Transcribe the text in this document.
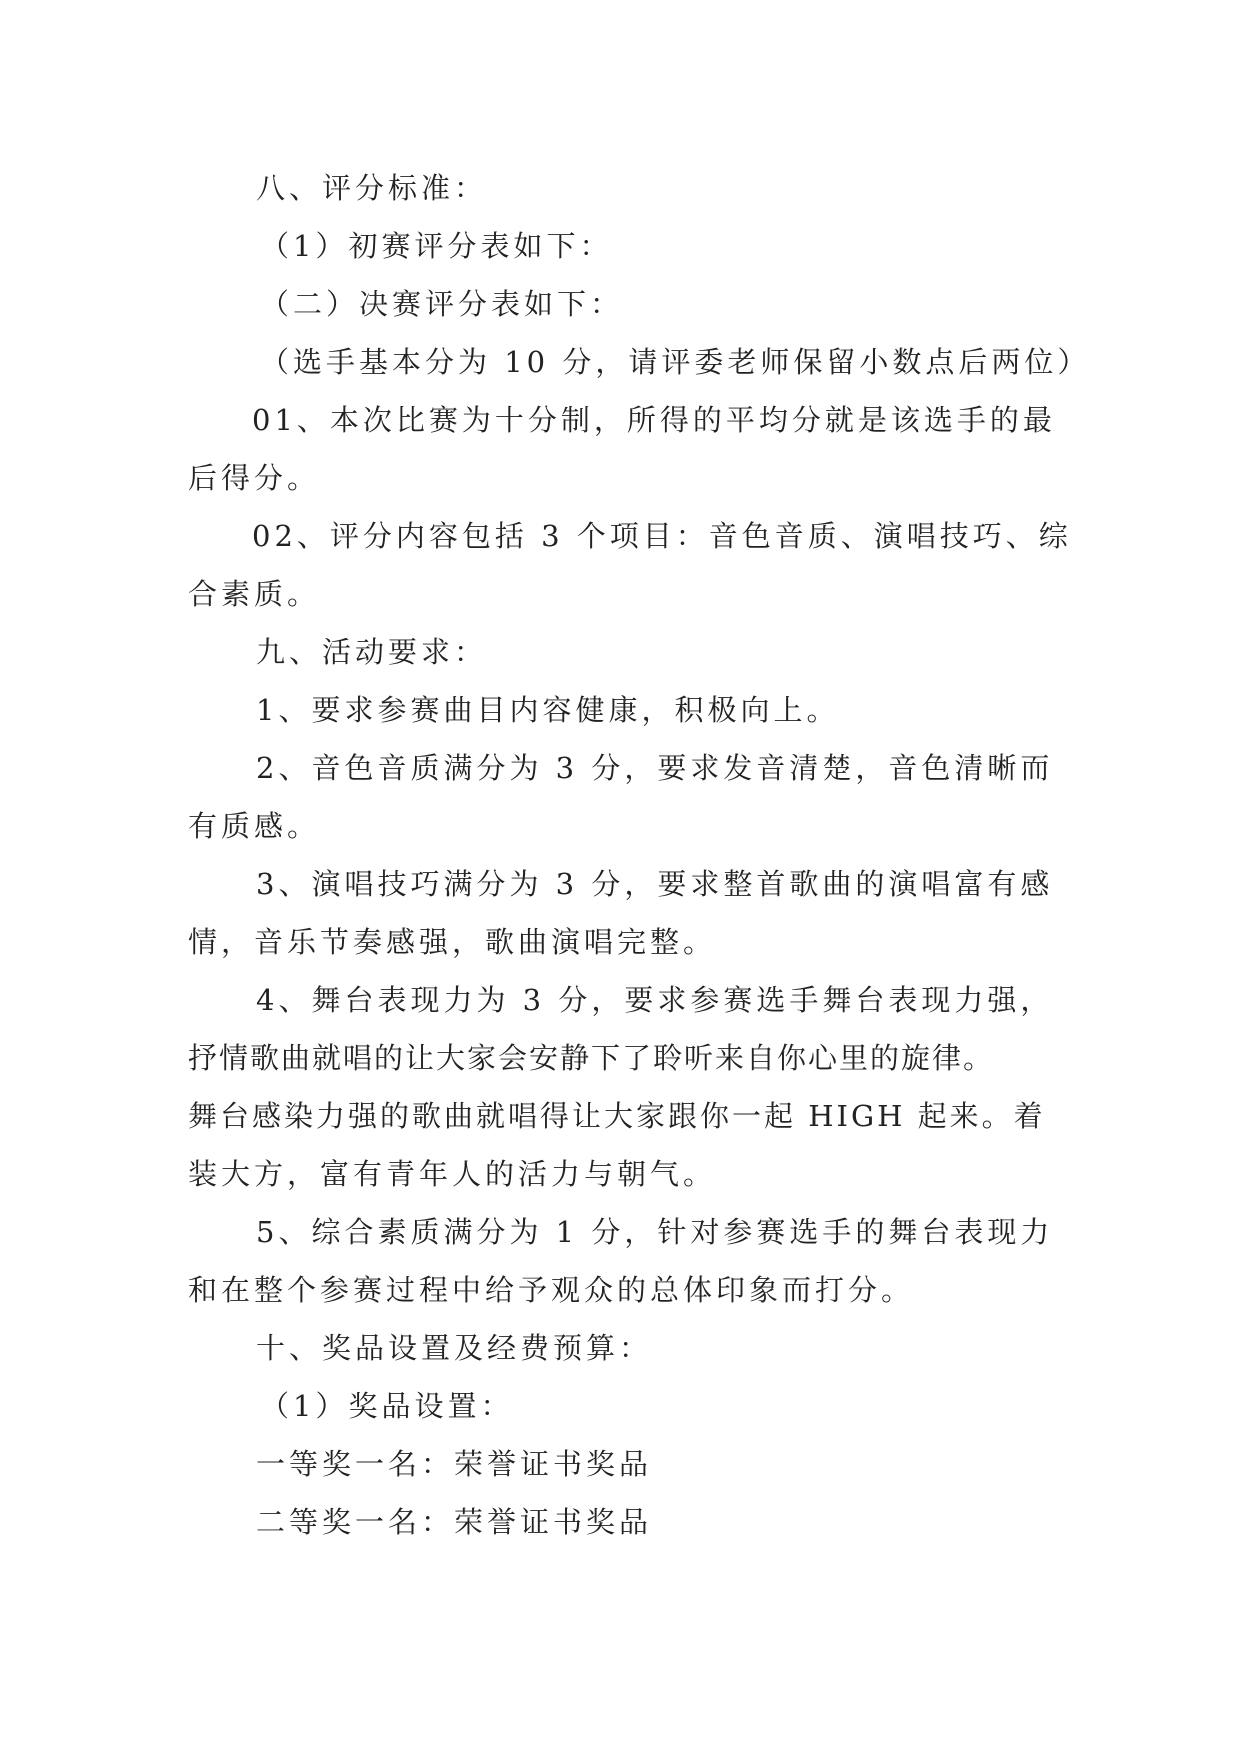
八、评分标准：
（1）初赛评分表如下：
（二）决赛评分表如下：
（选手基本分为 10 分，请评委老师保留小数点后两位）
01、本次比赛为十分制，所得的平均分就是该选手的最
后得分。
02、评分内容包括 3 个项目：音色音质、演唱技巧、综
合素质。
九、活动要求：
1、要求参赛曲目内容健康，积极向上。
2、音色音质满分为 3 分，要求发音清楚，音色清晰而
有质感。
3、演唱技巧满分为 3 分，要求整首歌曲的演唱富有感
情，音乐节奏感强，歌曲演唱完整。
4、舞台表现力为 3 分，要求参赛选手舞台表现力强，
抒情歌曲就唱的让大家会安静下了聆听来自你心里的旋律。
舞台感染力强的歌曲就唱得让大家跟你一起 HIGH 起来。着
装大方，富有青年人的活力与朝气。
5、综合素质满分为 1 分，针对参赛选手的舞台表现力
和在整个参赛过程中给予观众的总体印象而打分。
十、奖品设置及经费预算：
（1）奖品设置：
一等奖一名：荣誉证书奖品
二等奖一名：荣誉证书奖品
